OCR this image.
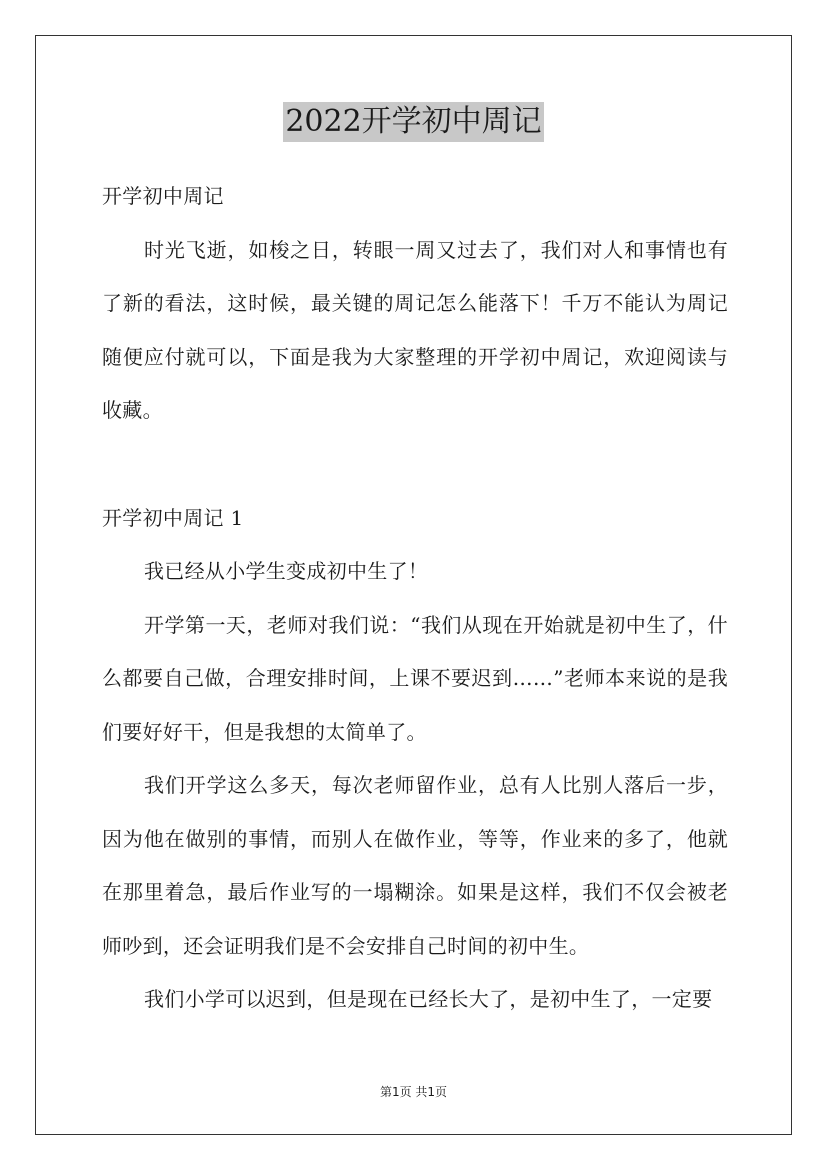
2022开学初中周记

开学初中周记

时光飞逝，如梭之日，转眼一周又过去了，我们对人和事情也有了新的看法，这时候，最关键的周记怎么能落下！千万不能认为周记随便应付就可以，下面是我为大家整理的开学初中周记，欢迎阅读与收藏。

开学初中周记 1

我已经从小学生变成初中生了！

开学第一天，老师对我们说：“我们从现在开始就是初中生了，什么都要自己做，合理安排时间，上课不要迟到……”老师本来说的是我们要好好干，但是我想的太简单了。

我们开学这么多天，每次老师留作业，总有人比别人落后一步，因为他在做别的事情，而别人在做作业，等等，作业来的多了，他就在那里着急，最后作业写的一塌糊涂。如果是这样，我们不仅会被老师吵到，还会证明我们是不会安排自己时间的初中生。

我们小学可以迟到，但是现在已经长大了，是初中生了，一定要

第1页 共1页
